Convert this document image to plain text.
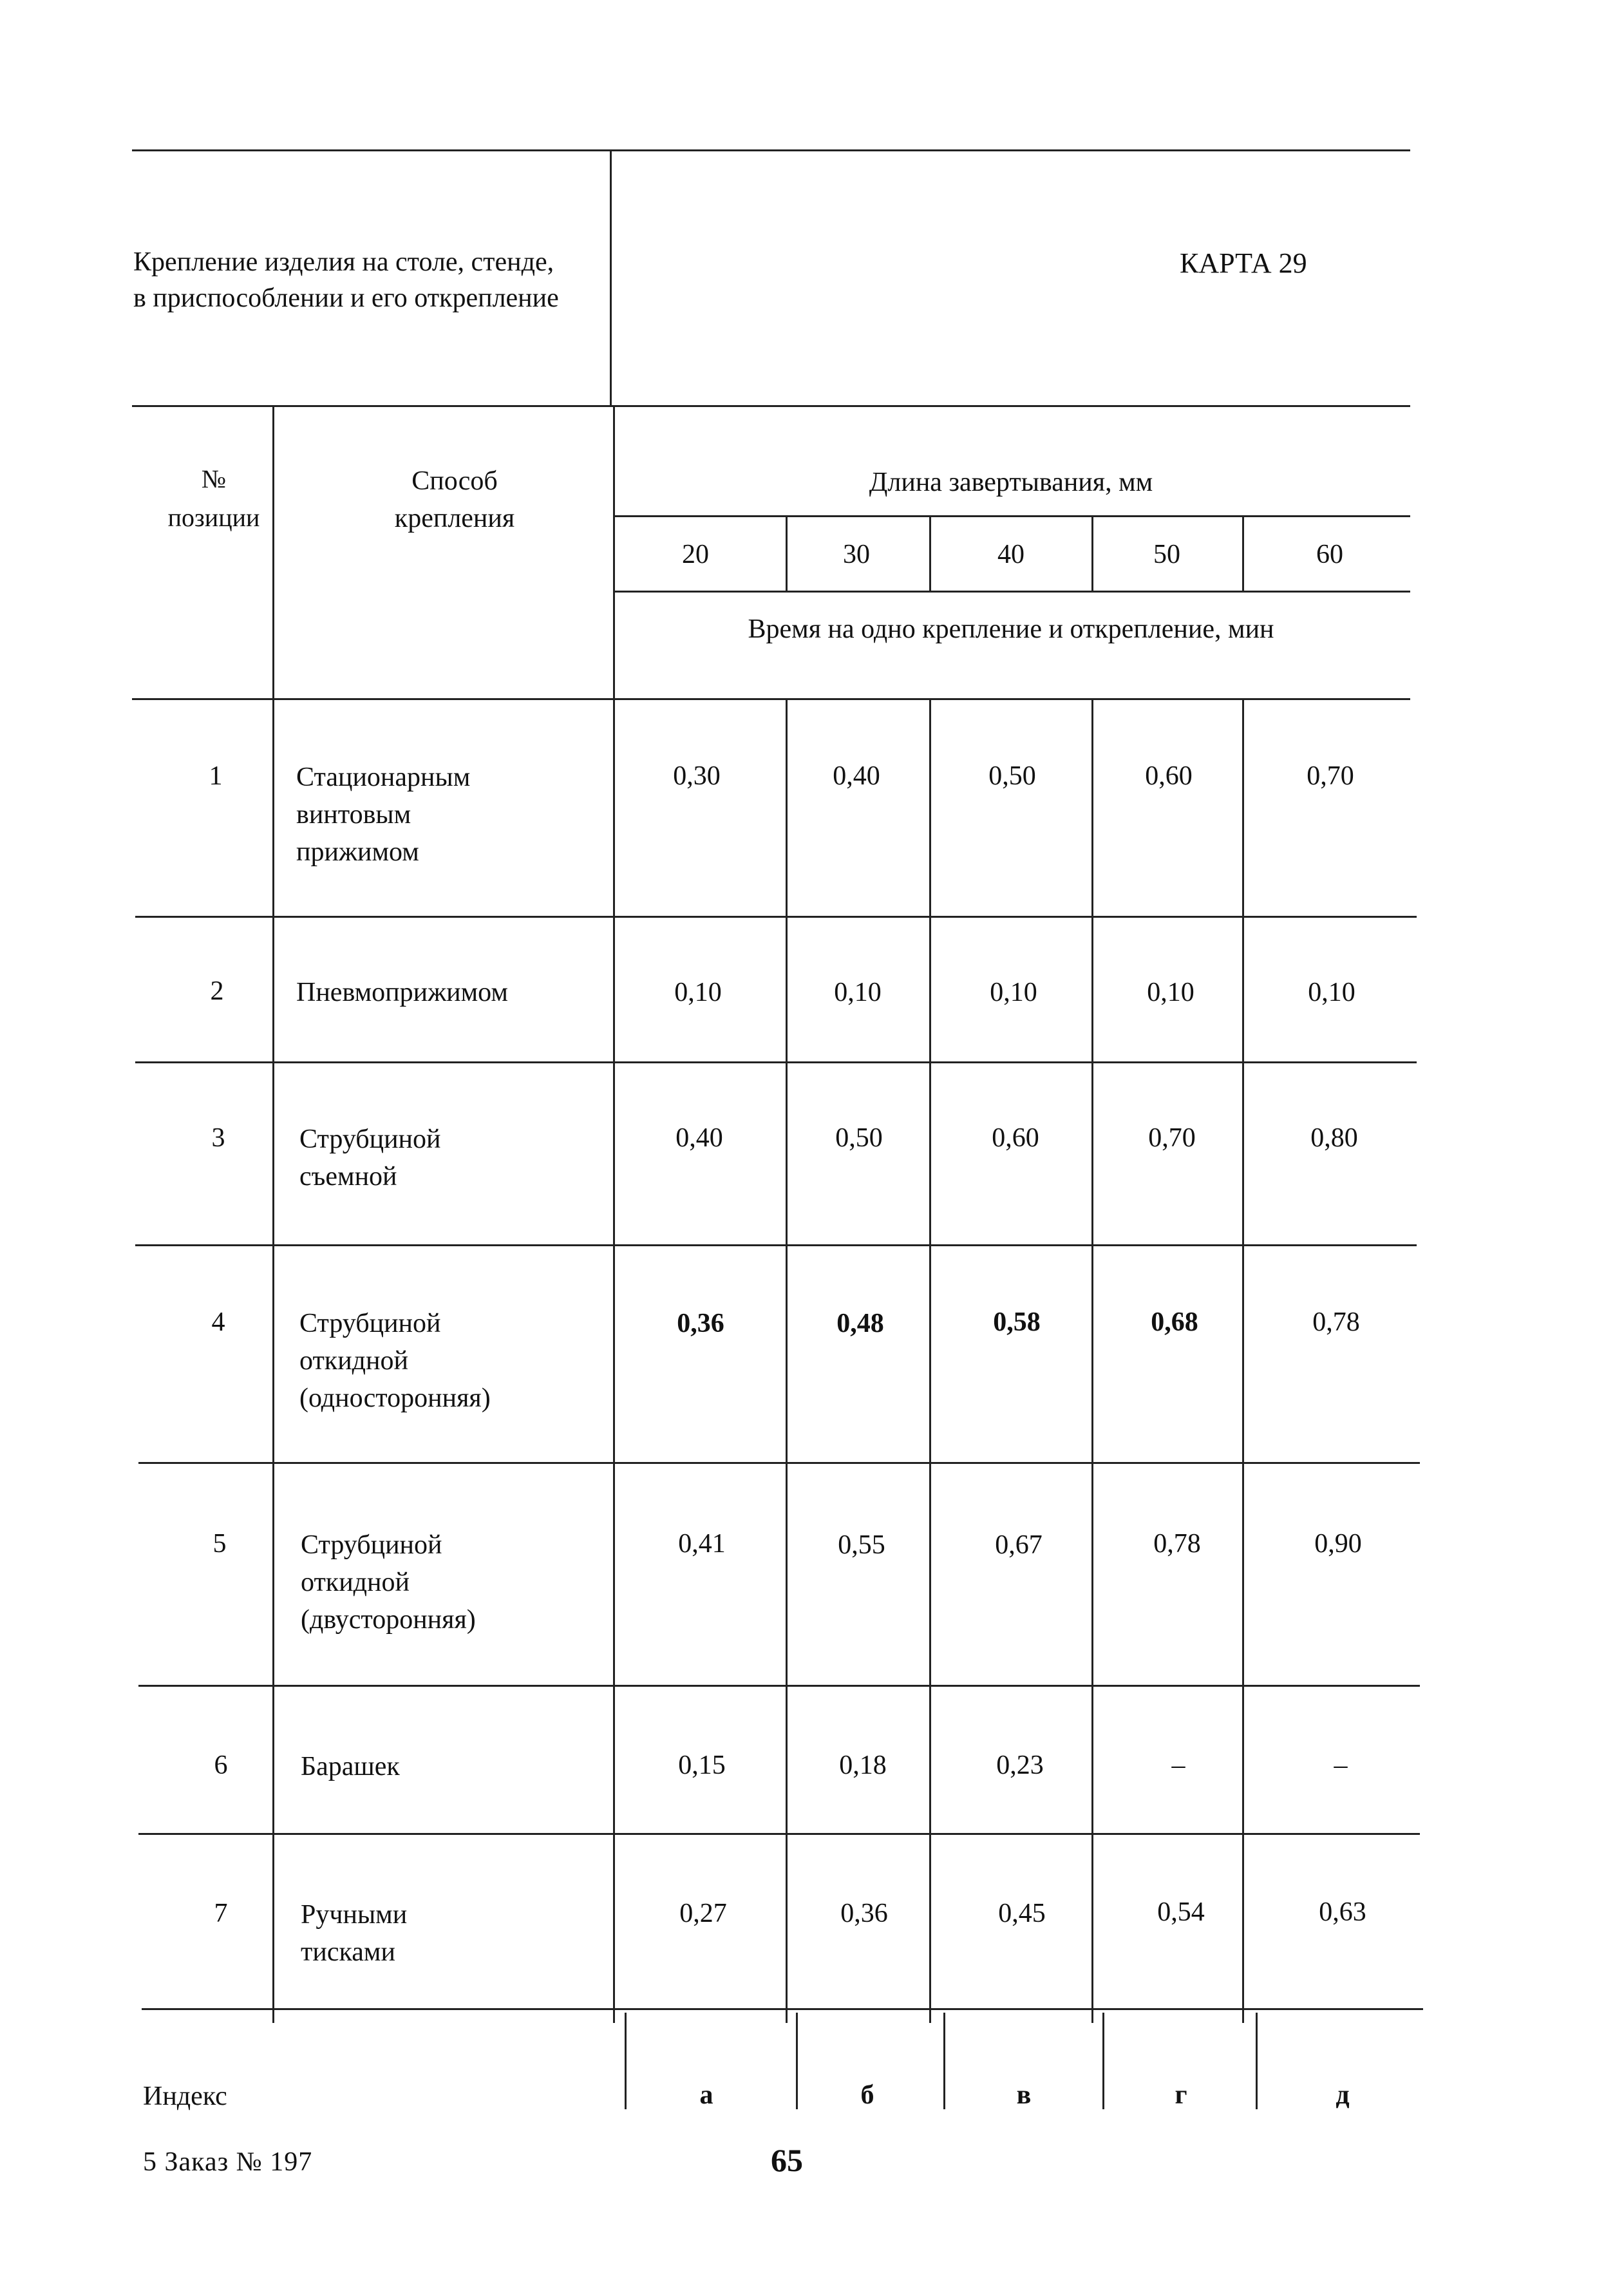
Крепление изделия на столе, стенде,
в приспособлении и его открепление
КАРТА 29
№
позиции
Способ
крепления
Длина завертывания, мм
20	30	40	50	60
Время на одно крепление и открепление, мин
1	Стационарным
винтовым
прижимом
0,30	0,40	0,50	0,60	0,70
2	Пневмоприжимом	0,10	0,10	0,10	0,10	0,10
3	Струбциной
съемной
0,40	0,50	0,60	0,70	0,80
4	Струбциной
откидной
(односторонняя)
0,36	0,48	0,58	0,68	0,78
5	Струбциной
откидной
(двусторонняя)
0,41	0,55	0,67	0,78	0,90
6	Барашек	0,15	0,18	0,23	–	–
7	Ручными
тисками
0,27	0,36	0,45	0,54	0,63
Индекс	а	б	в	г	д
5 Заказ № 197	65
